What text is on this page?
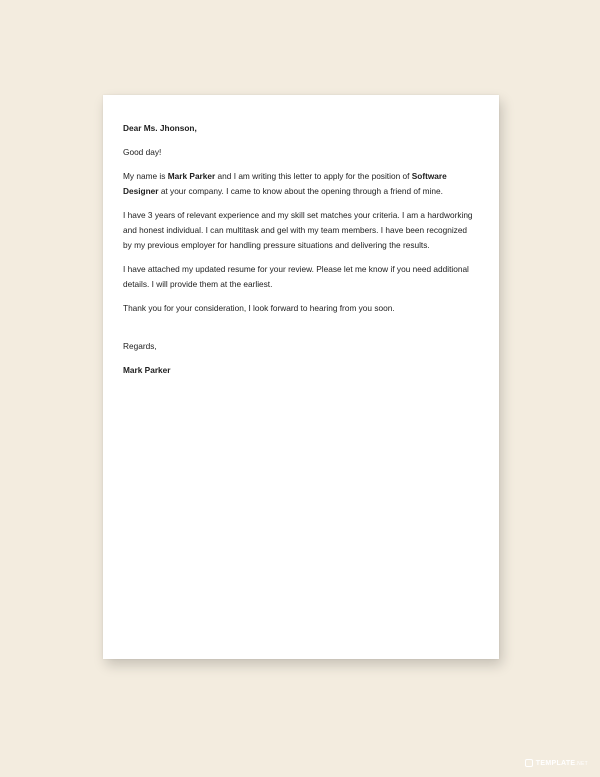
Dear Ms. Jhonson,

Good day!

My name is Mark Parker and I am writing this letter to apply for the position of Software Designer at your company. I came to know about the opening through a friend of mine.

I have 3 years of relevant experience and my skill set matches your criteria. I am a hardworking and honest individual. I can multitask and gel with my team members. I have been recognized by my previous employer for handling pressure situations and delivering the results.

I have attached my updated resume for your review. Please let me know if you need additional details. I will provide them at the earliest.

Thank you for your consideration, I look forward to hearing from you soon.

Regards,

Mark Parker

TEMPLATE.NET
